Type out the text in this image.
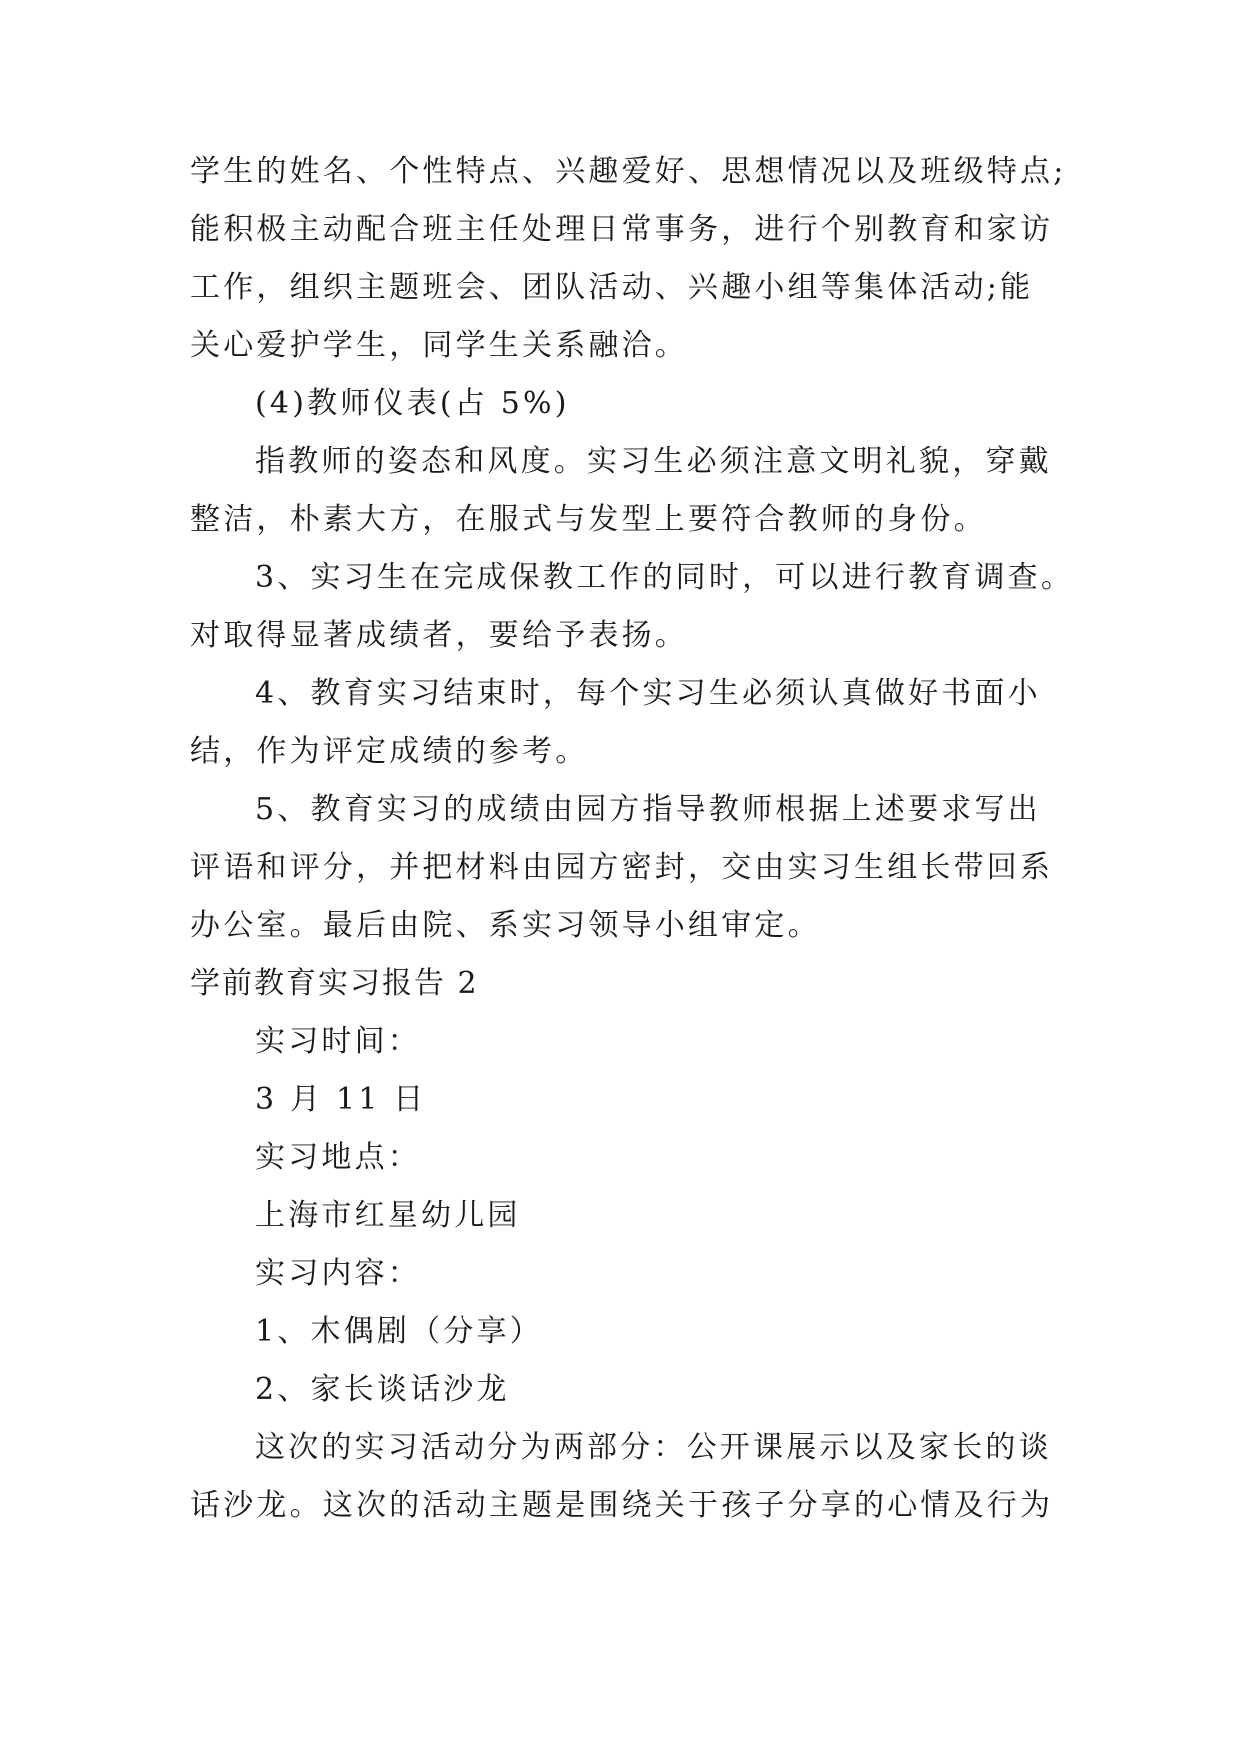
学生的姓名、个性特点、兴趣爱好、思想情况以及班级特点;
能积极主动配合班主任处理日常事务，进行个别教育和家访
工作，组织主题班会、团队活动、兴趣小组等集体活动;能
关心爱护学生，同学生关系融洽。
(4)教师仪表(占 5%)
指教师的姿态和风度。实习生必须注意文明礼貌，穿戴
整洁，朴素大方，在服式与发型上要符合教师的身份。
3、实习生在完成保教工作的同时，可以进行教育调查。
对取得显著成绩者，要给予表扬。
4、教育实习结束时，每个实习生必须认真做好书面小
结，作为评定成绩的参考。
5、教育实习的成绩由园方指导教师根据上述要求写出
评语和评分，并把材料由园方密封，交由实习生组长带回系
办公室。最后由院、系实习领导小组审定。
学前教育实习报告 2
实习时间：
3 月 11 日
实习地点：
上海市红星幼儿园
实习内容：
1、木偶剧（分享）
2、家长谈话沙龙
这次的实习活动分为两部分：公开课展示以及家长的谈
话沙龙。这次的活动主题是围绕关于孩子分享的心情及行为
